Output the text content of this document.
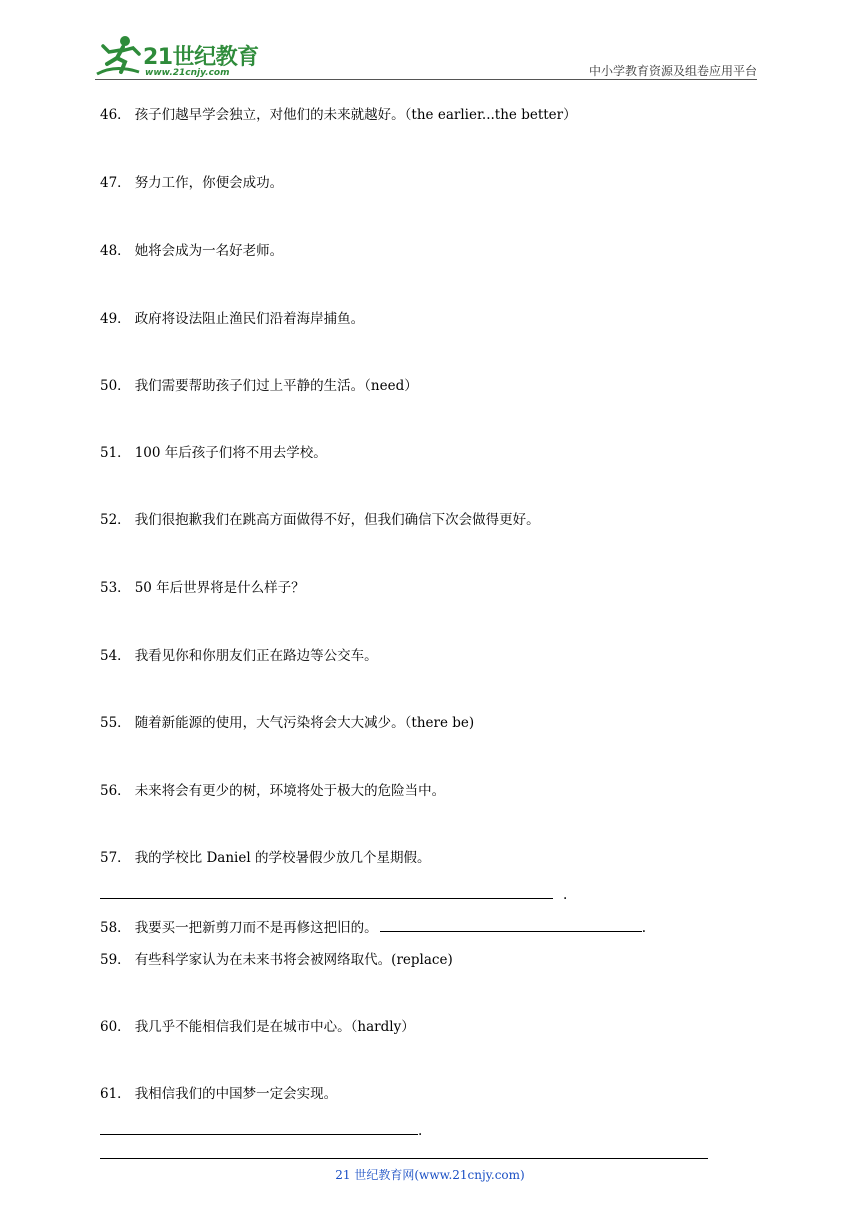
21世纪教育
www.21cnjy.com	中小学教育资源及组卷应用平台
46． 孩子们越早学会独立，对他们的未来就越好。（the earlier...the better）
47． 努力工作，你便会成功。
48． 她将会成为一名好老师。
49． 政府将设法阻止渔民们沿着海岸捕鱼。
50． 我们需要帮助孩子们过上平静的生活。（need）
51． 100 年后孩子们将不用去学校。
52． 我们很抱歉我们在跳高方面做得不好，但我们确信下次会做得更好。
53． 50 年后世界将是什么样子？
54． 我看见你和你朋友们正在路边等公交车。
55． 随着新能源的使用，大气污染将会大大减少。（there be)
56． 未来将会有更少的树，环境将处于极大的危险当中。
57． 我的学校比 Daniel 的学校暑假少放几个星期假。
.
58． 我要买一把新剪刀而不是再修这把旧的。	.
59． 有些科学家认为在未来书将会被网络取代。(replace)
60． 我几乎不能相信我们是在城市中心。（hardly）
61． 我相信我们的中国梦一定会实现。
.
21 世纪教育网(www.21cnjy.com)
